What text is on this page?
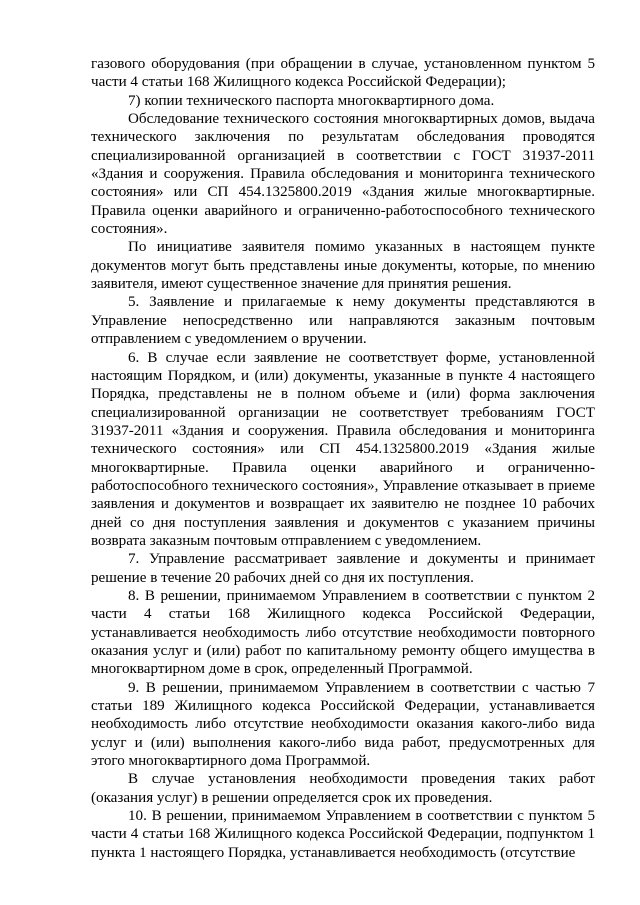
газового оборудования (при обращении в случае, установленном пунктом 5 части 4 статьи 168 Жилищного кодекса Российской Федерации);

7) копии технического паспорта многоквартирного дома.

Обследование технического состояния многоквартирных домов, выдача технического заключения по результатам обследования проводятся специализированной организацией в соответствии с ГОСТ 31937-2011 «Здания и сооружения. Правила обследования и мониторинга технического состояния» или СП 454.1325800.2019 «Здания жилые многоквартирные. Правила оценки аварийного и ограниченно-работоспособного технического состояния».

По инициативе заявителя помимо указанных в настоящем пункте документов могут быть представлены иные документы, которые, по мнению заявителя, имеют существенное значение для принятия решения.

5. Заявление и прилагаемые к нему документы представляются в Управление непосредственно или направляются заказным почтовым отправлением с уведомлением о вручении.

6. В случае если заявление не соответствует форме, установленной настоящим Порядком, и (или) документы, указанные в пункте 4 настоящего Порядка, представлены не в полном объеме и (или) форма заключения специализированной организации не соответствует требованиям ГОСТ 31937-2011 «Здания и сооружения. Правила обследования и мониторинга технического состояния» или СП 454.1325800.2019 «Здания жилые многоквартирные. Правила оценки аварийного и ограниченно-работоспособного технического состояния», Управление отказывает в приеме заявления и документов и возвращает их заявителю не позднее 10 рабочих дней со дня поступления заявления и документов с указанием причины возврата заказным почтовым отправлением с уведомлением.

7. Управление рассматривает заявление и документы и принимает решение в течение 20 рабочих дней со дня их поступления.

8. В решении, принимаемом Управлением в соответствии с пунктом 2 части 4 статьи 168 Жилищного кодекса Российской Федерации, устанавливается необходимость либо отсутствие необходимости повторного оказания услуг и (или) работ по капитальному ремонту общего имущества в многоквартирном доме в срок, определенный Программой.

9. В решении, принимаемом Управлением в соответствии с частью 7 статьи 189 Жилищного кодекса Российской Федерации, устанавливается необходимость либо отсутствие необходимости оказания какого-либо вида услуг и (или) выполнения какого-либо вида работ, предусмотренных для этого многоквартирного дома Программой.

В случае установления необходимости проведения таких работ (оказания услуг) в решении определяется срок их проведения.

10. В решении, принимаемом Управлением в соответствии с пунктом 5 части 4 статьи 168 Жилищного кодекса Российской Федерации, подпунктом 1 пункта 1 настоящего Порядка, устанавливается необходимость (отсутствие
